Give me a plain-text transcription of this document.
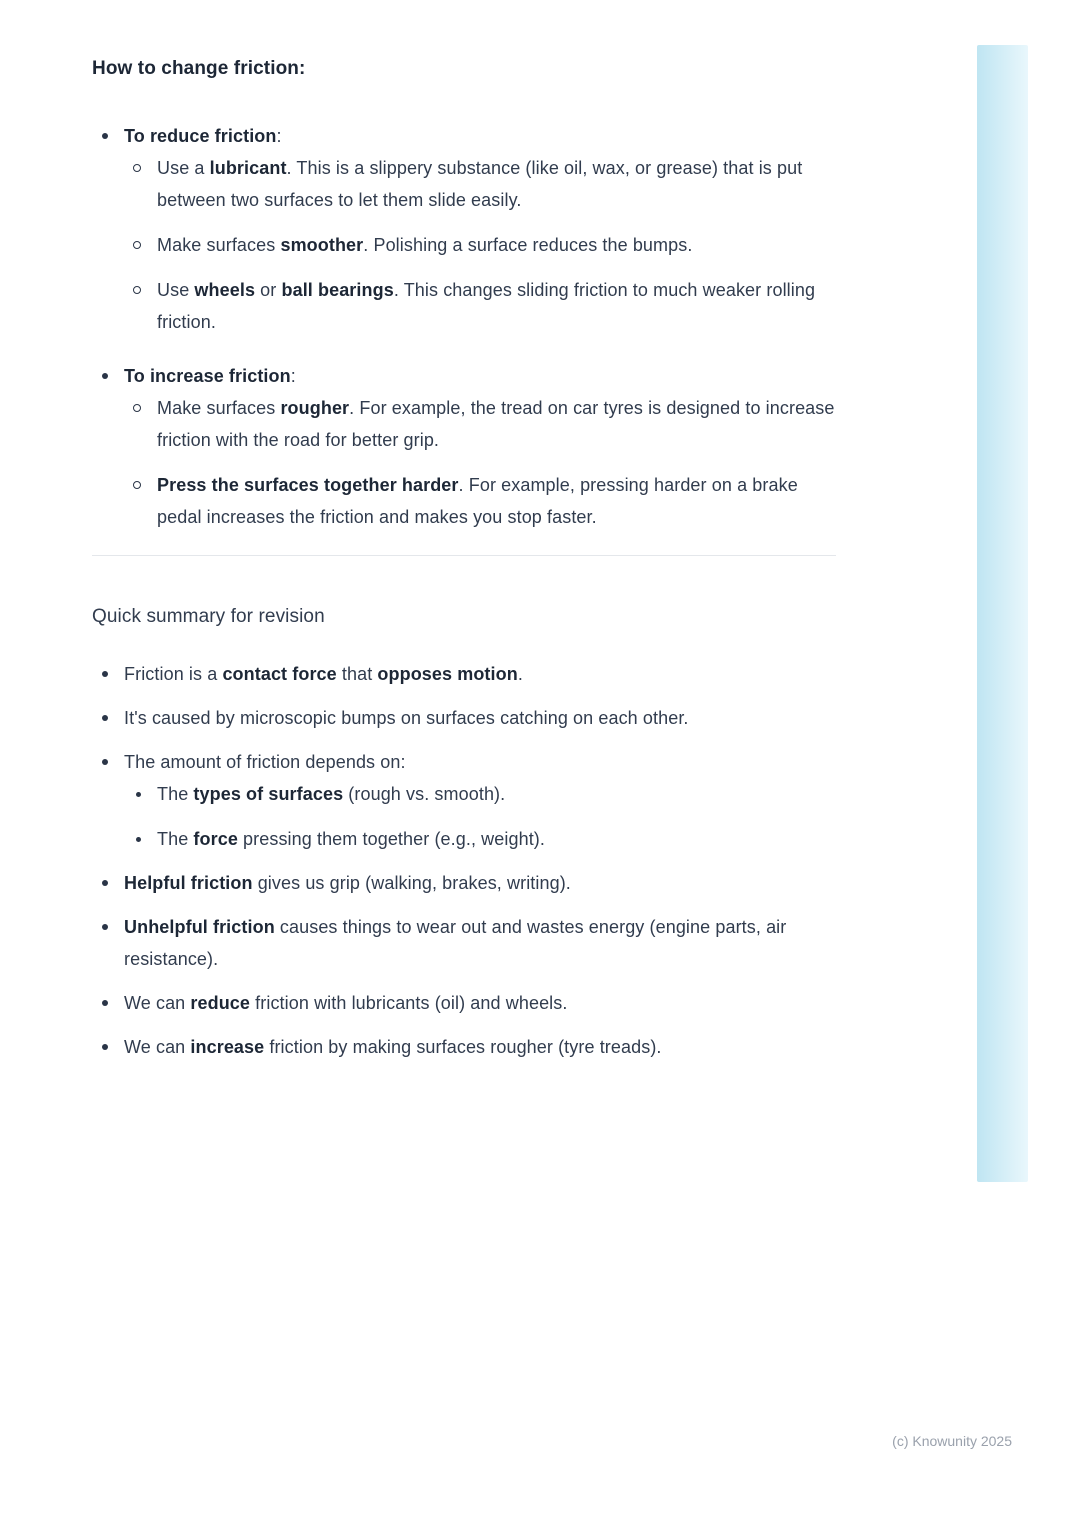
How to change friction:
To reduce friction:
Use a lubricant. This is a slippery substance (like oil, wax, or grease) that is put between two surfaces to let them slide easily.
Make surfaces smoother. Polishing a surface reduces the bumps.
Use wheels or ball bearings. This changes sliding friction to much weaker rolling friction.
To increase friction:
Make surfaces rougher. For example, the tread on car tyres is designed to increase friction with the road for better grip.
Press the surfaces together harder. For example, pressing harder on a brake pedal increases the friction and makes you stop faster.

Quick summary for revision

Friction is a contact force that opposes motion.
It's caused by microscopic bumps on surfaces catching on each other.
The amount of friction depends on:
The types of surfaces (rough vs. smooth).
The force pressing them together (e.g., weight).
Helpful friction gives us grip (walking, brakes, writing).
Unhelpful friction causes things to wear out and wastes energy (engine parts, air resistance).
We can reduce friction with lubricants (oil) and wheels.
We can increase friction by making surfaces rougher (tyre treads).
(c) Knowunity 2025
